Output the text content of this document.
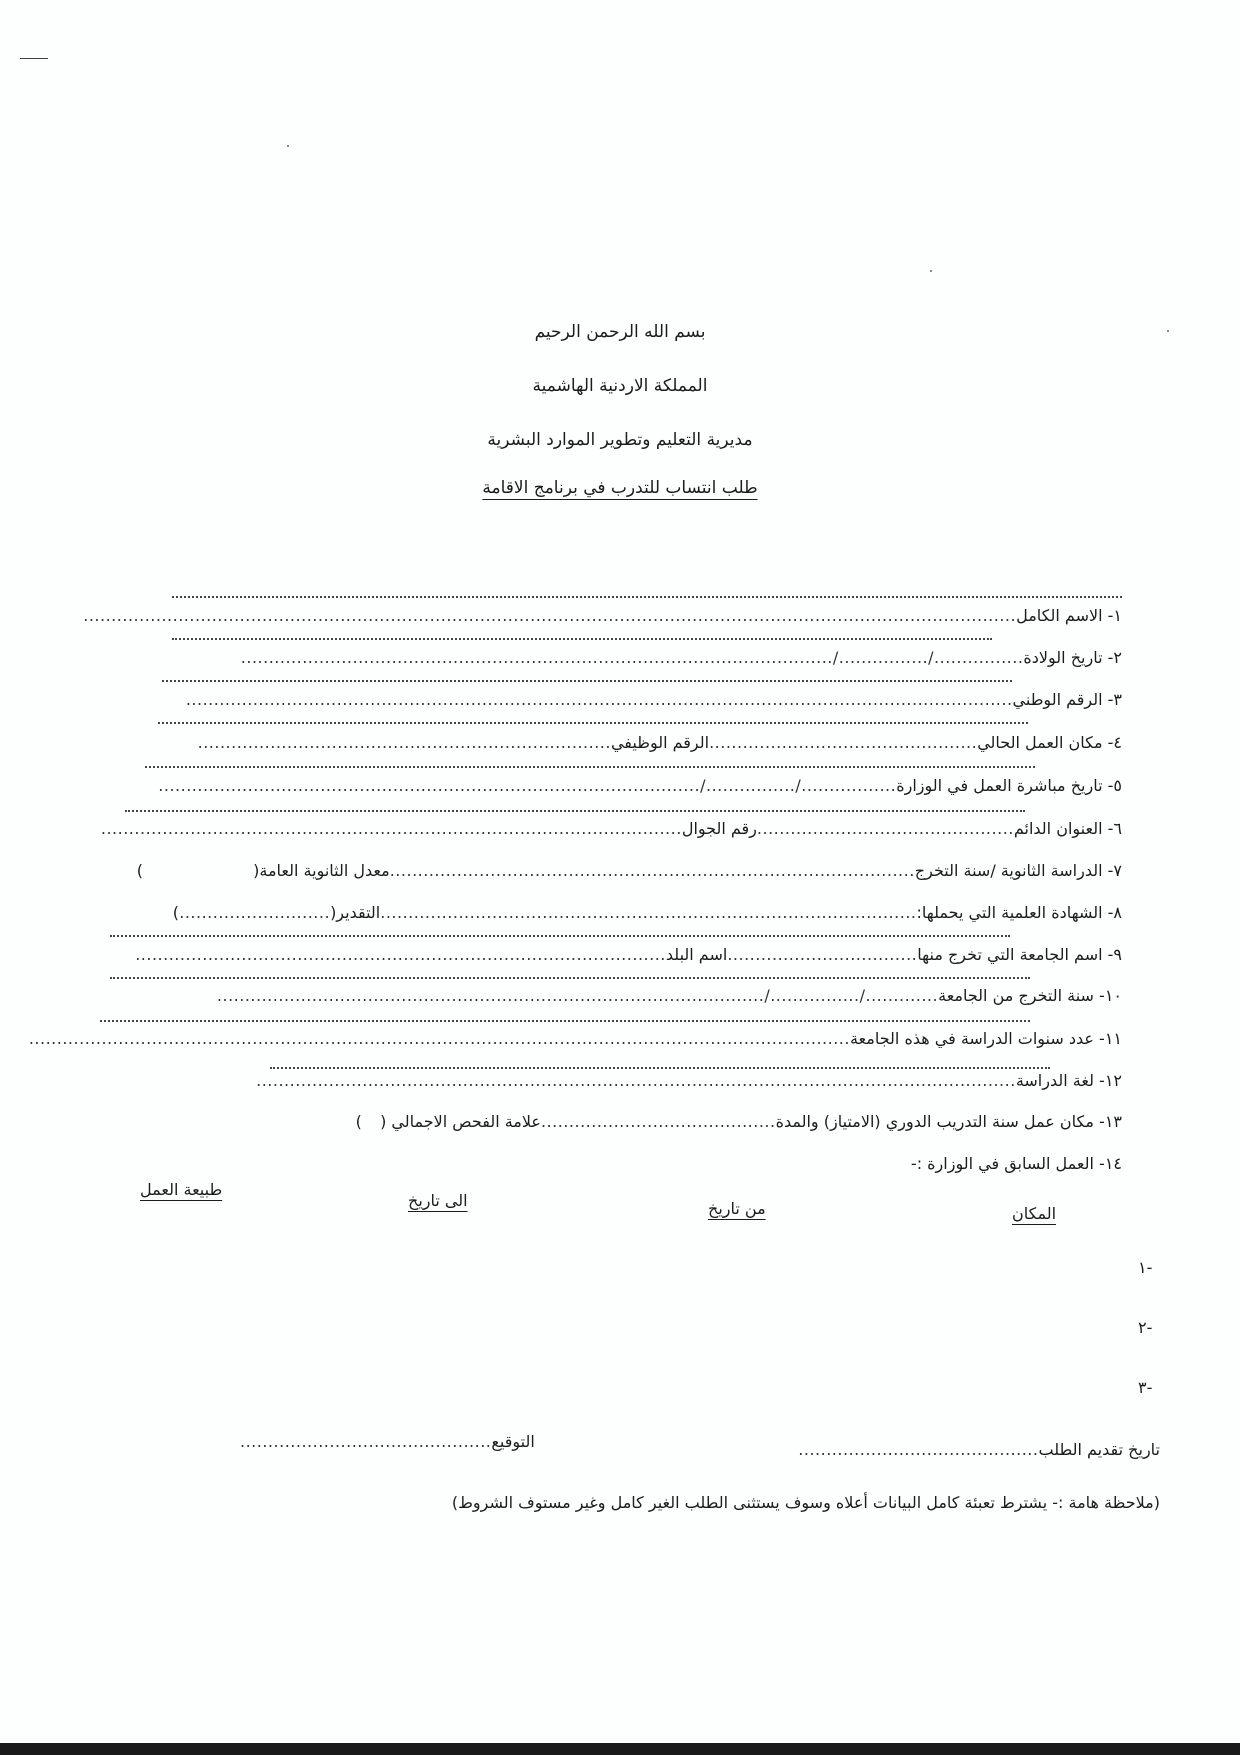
بسم الله الرحمن الرحيم
المملكة الاردنية الهاشمية
مديرية التعليم وتطوير الموارد البشرية
طلب انتساب للتدرب في برنامج الاقامة
١- الاسم الكامل.......................................................................................................................................................................
٢- تاريخ الولادة................/................/..........................................................................................................
٣- الرقم الوطني....................................................................................................................................................
٤- مكان العمل الحالي................................................الرقم الوظيفي..........................................................................
٥- تاريخ مباشرة العمل في الوزارة................./................/.................................................................................................
٦- العنوان الدائم..............................................رقم الجوال........................................................................................................
٧- الدراسة الثانوية /سنة التخرج..............................................................................................معدل الثانوية العامة()
٨- الشهادة العلمية التي يحملها:................................................................................................التقدير(...........................)
٩- اسم الجامعة التي تخرج منها..................................اسم البلد...............................................................................................
١٠- سنة التخرج من الجامعة............./................/..................................................................................................
١١- عدد سنوات الدراسة في هذه الجامعة...................................................................................................................................................
١٢- لغة الدراسة........................................................................................................................................
١٣- مكان عمل سنة التدريب الدوري (الامتياز) والمدة..........................................علامة الفحص الاجمالي ()
١٤- العمل السابق في الوزارة :-
المكان
من تاريخ
الى تاريخ
طبيعة العمل
-١
-٢
-٣
تاريخ تقديم الطلب...........................................
التوقيع.............................................
(ملاحظة هامة :- يشترط تعبئة كامل البيانات أعلاه وسوف يستثنى الطلب الغير كامل وغير مستوف الشروط)
